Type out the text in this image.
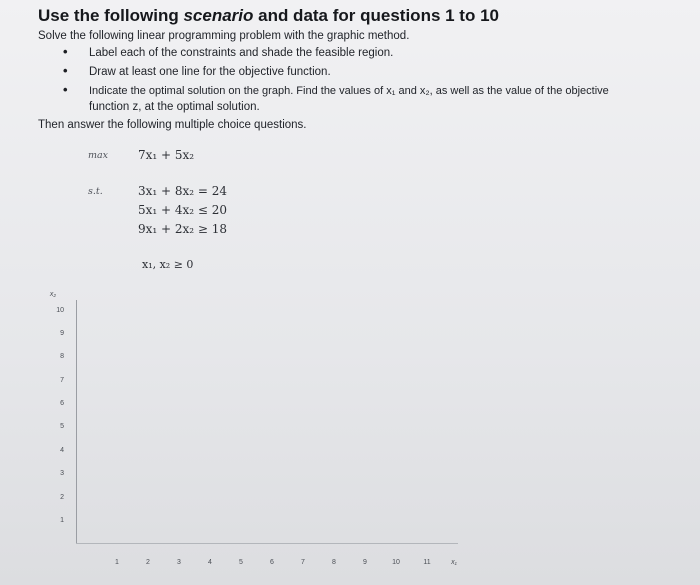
Use the following scenario and data for questions 1 to 10
Solve the following linear programming problem with the graphic method.
• Label each of the constraints and shade the feasible region.
• Draw at least one line for the objective function.
• Indicate the optimal solution on the graph. Find the values of x₁ and x₂, as well as the value of the objective
function z, at the optimal solution.
Then answer the following multiple choice questions.
max 7x₁ + 5x₂
s.t.	3x₁ + 8x₂ = 24
5x₁ + 4x₂ ≤ 20
9x₁ + 2x₂ ≥ 18
x₁, x₂ ≥ 0
x₂
10
9
8
7
6
5
4
3
2
1
1	2	3	4	5	6	7	8	9	10	11	x₁
